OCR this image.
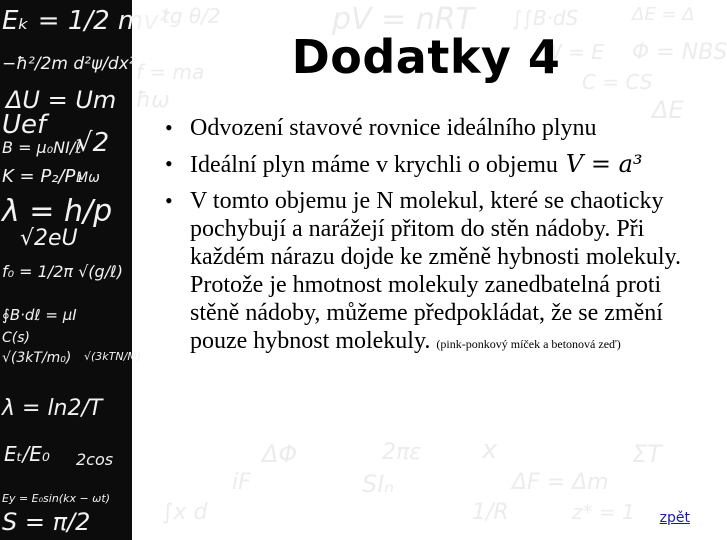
Eₖ = 1/2 mv²
−ħ²/2m d²ψ/dx²
ΔU = Um
Uef
B = μ₀NI/ℓ
√2
K = P₂/P₁
Mω
λ = h/p
√2eU
f₀ = 1/2π √(g/ℓ)
∮B·dℓ = μI
C(s)
√(3kT/m₀) √(3kTN/M)
λ = ln2/T
Eₜ/E₀ 2cos
Ey = E₀sin(kx − ωt)
S = π/2
tg θ/2	pV = nRT ∫∫B·dS	ΔE = Δ
W = E Φ = NBS
f = ma	C = CS
ħω	ΔE
ΔΦ	2πε x	ΣT
iF	SIₙ	ΔF = Δm
∫x d	1/R	z* = 1
Dodatky 4
• Odvození stavové rovnice ideálního plynu
• Ideální plyn máme v krychli o objemu V = a³
• V tomto objemu je N molekul, které se chaoticky pochybují a narážejí přitom do stěn nádoby. Při každém nárazu dojde ke změně hybnosti molekuly. Protože je hmotnost molekuly zanedbatelná proti stěně nádoby, můžeme předpokládat, že se změní pouze hybnost molekuly. (pink-ponkový míček a betonová zeď)
zpět
